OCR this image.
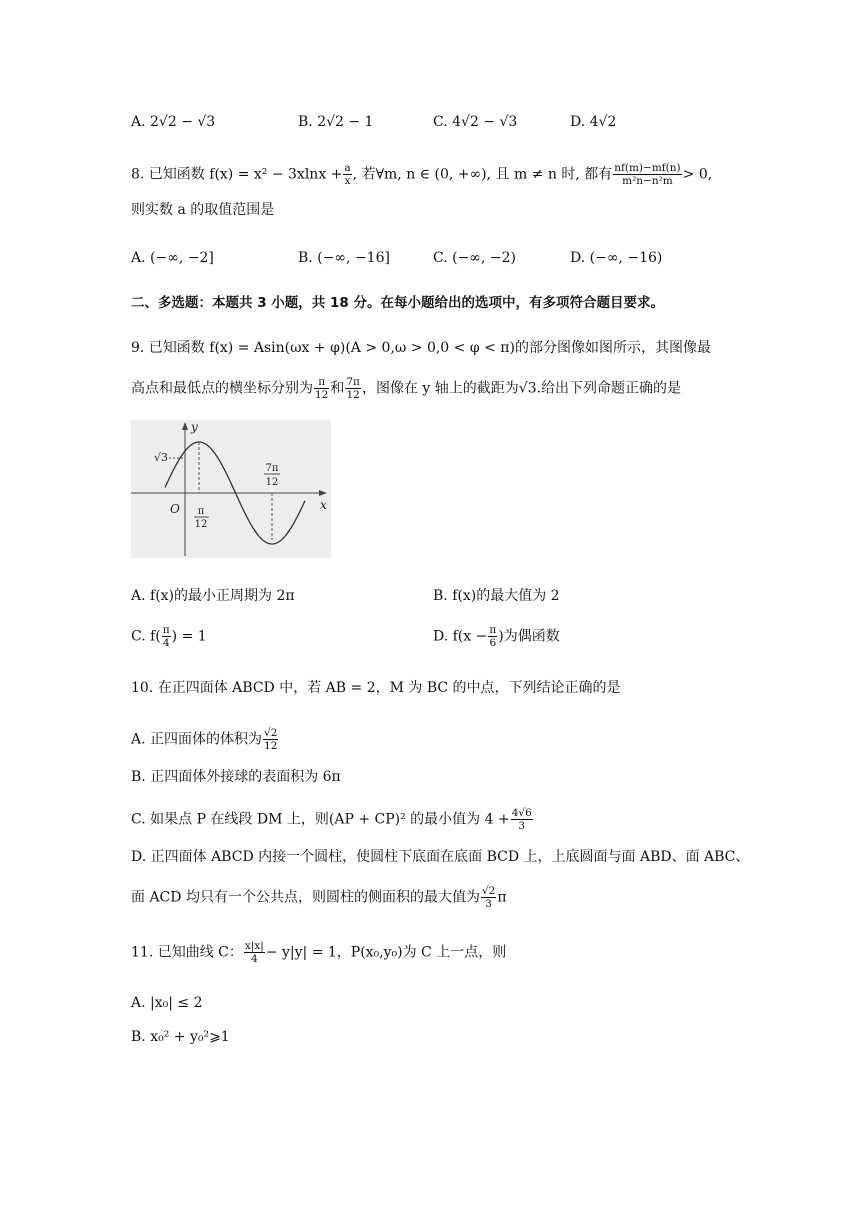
A. 2√2 − √3	B. 2√2 − 1	C. 4√2 − √3	D. 4√2
8. 已知函数 $f(x) = x^2 - 3xlnx + \frac{a}{x}$ , 若∀m, n ∈ (0, +∞), 且 m ≠ n 时, 都有 $\frac{nf(m)-mf(n)}{\text{m²n−n²m}} > 0$,
则实数 a 的取值范围是
A. (−∞, −2]	B. (−∞, −16]	C. (−∞, −2)	D. (−∞, −16)
二、多选题：本题共 3 小题，共 18 分。在每小题给出的选项中，有多项符合题目要求。
9. 已知函数 f(x) = Asin(ωx + φ)(A > 0,ω > 0,0 < φ < π)的部分图像如图所示，其图像最
高点和最低点的横坐标分别为 $\frac{\pi}{12}$ 和 $\frac{7\pi}{12}$ ，图像在 y 轴上的截距为√3.给出下列命题正确的是
y
x
O
√3
π
12
7π
12
A. f(x)的最小正周期为 2π	B. f(x)的最大值为 2
C. $f( \frac{\pi}{4}$ ) = 1	D. $f(x - \frac{\pi}{6}$ )为偶函数
10. 在正四面体 ABCD 中，若 AB = 2，M 为 BC 的中点，下列结论正确的是
A. 正四面体的体积为 $\frac{√2}{12}$
B. 正四面体外接球的表面积为 6π
C. 如果点 P 在线段 DM 上，则(AP + CP)² 的最小值为 $4 + \frac{4√6}{3}$
D. 正四面体 ABCD 内接一个圆柱，使圆柱下底面在底面 BCD 上，上底圆面与面 ABD、面 ABC、
面 ACD 均只有一个公共点，则圆柱的侧面积的最大值为 $\frac{√2}{3}$ π
11. 已知曲线 C： $\frac{x|x|}{4} - y|y| = 1$，P(x₀,y₀)为 C 上一点，则
A. |x₀| ≤ 2
B. x₀² + y₀²⩾1
